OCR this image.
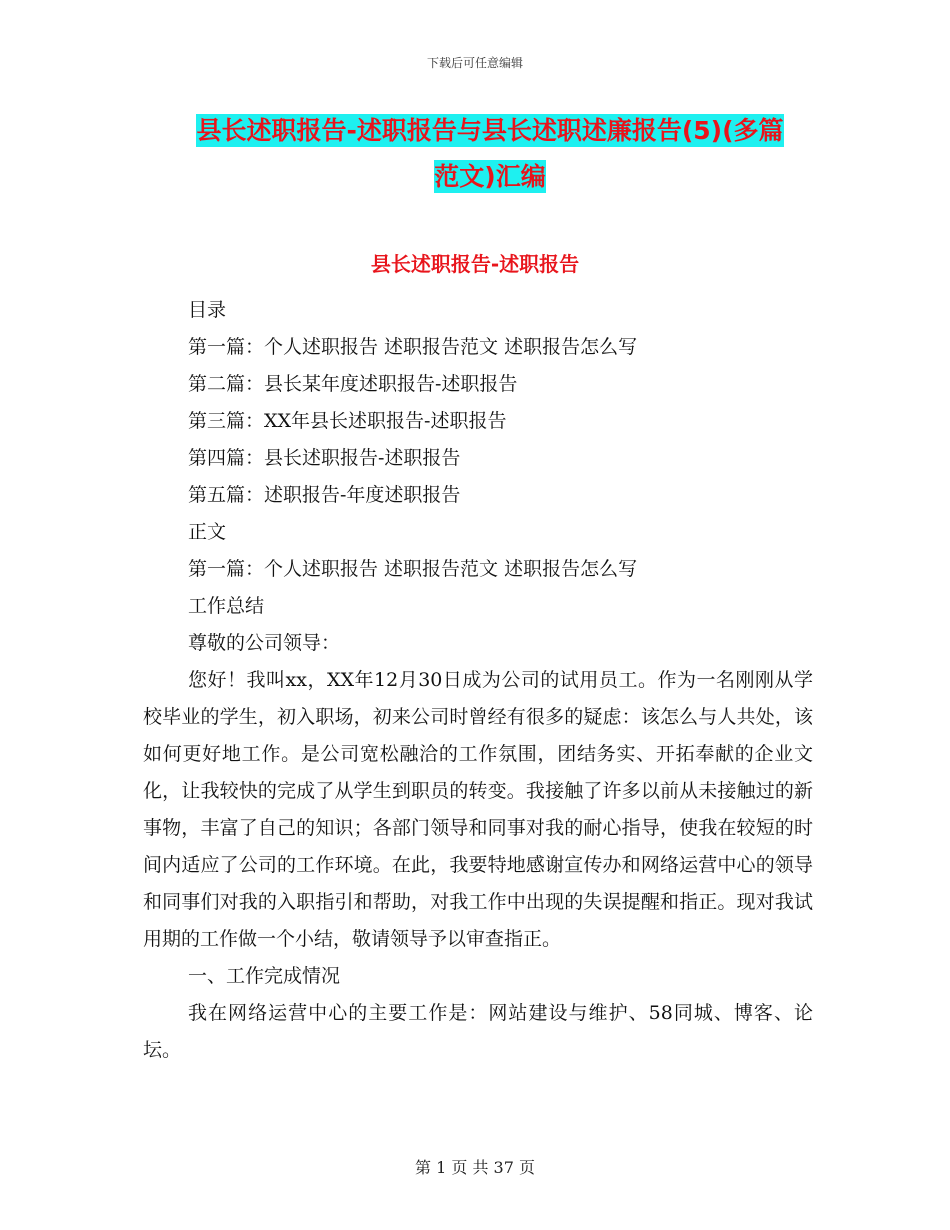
下载后可任意编辑
县长述职报告-述职报告与县长述职述廉报告(5)(多篇
范文)汇编
县长述职报告-述职报告
目录
第一篇：个人述职报告 述职报告范文 述职报告怎么写
第二篇：县长某年度述职报告-述职报告
第三篇：XX年县长述职报告-述职报告
第四篇：县长述职报告-述职报告
第五篇：述职报告-年度述职报告
正文
第一篇：个人述职报告 述职报告范文 述职报告怎么写
工作总结
尊敬的公司领导：

您好！我叫xx，XX年12月30日成为公司的试用员工。作为一名刚刚从学校毕业的学生，初入职场，初来公司时曾经有很多的疑虑：该怎么与人共处，该如何更好地工作。是公司宽松融洽的工作氛围，团结务实、开拓奉献的企业文化，让我较快的完成了从学生到职员的转变。我接触了许多以前从未接触过的新事物，丰富了自己的知识；各部门领导和同事对我的耐心指导，使我在较短的时间内适应了公司的工作环境。在此，我要特地感谢宣传办和网络运营中心的领导和同事们对我的入职指引和帮助，对我工作中出现的失误提醒和指正。现对我试用期的工作做一个小结，敬请领导予以审查指正。

一、工作完成情况

我在网络运营中心的主要工作是：网站建设与维护、58同城、博客、论坛。

第 1 页 共 37 页
